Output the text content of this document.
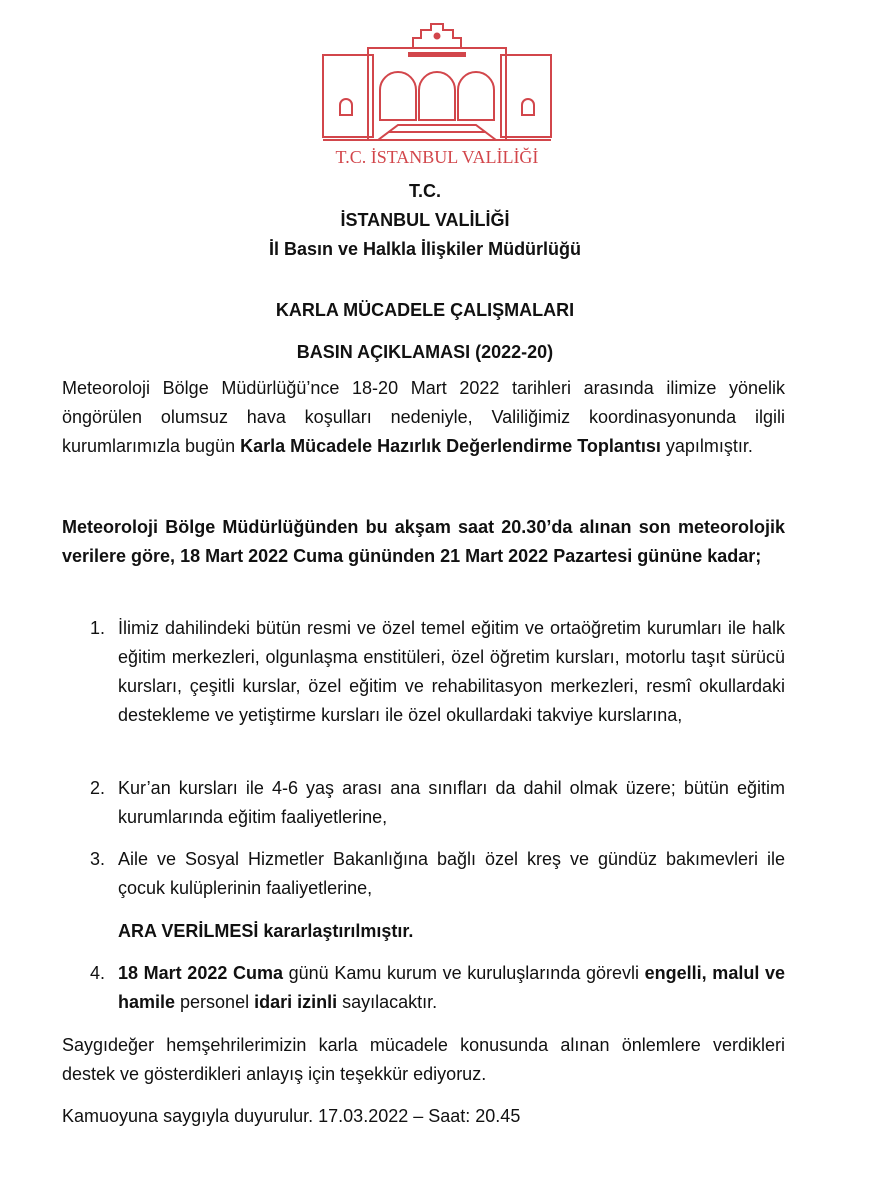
T.C. İSTANBUL VALİLİĞİ
T.C.
İSTANBUL VALİLİĞİ
İl Basın ve Halkla İlişkiler Müdürlüğü
KARLA MÜCADELE ÇALIŞMALARI
BASIN AÇIKLAMASI (2022-20)

Meteoroloji Bölge Müdürlüğü’nce 18-20 Mart 2022 tarihleri arasında ilimize yönelik öngörülen olumsuz hava koşulları nedeniyle, Valiliğimiz koordinasyonunda ilgili kurumlarımızla bugün Karla Mücadele Hazırlık Değerlendirme Toplantısı yapılmıştır.

Meteoroloji Bölge Müdürlüğünden bu akşam saat 20.30’da alınan son meteorolojik verilere göre, 18 Mart 2022 Cuma gününden 21 Mart 2022 Pazartesi gününe kadar;

1. İlimiz dahilindeki bütün resmi ve özel temel eğitim ve ortaöğretim kurumları ile halk eğitim merkezleri, olgunlaşma enstitüleri, özel öğretim kursları, motorlu taşıt sürücü kursları, çeşitli kurslar, özel eğitim ve rehabilitasyon merkezleri, resmî okullardaki destekleme ve yetiştirme kursları ile özel okullardaki takviye kurslarına,
2. Kur’an kursları ile 4-6 yaş arası ana sınıfları da dahil olmak üzere; bütün eğitim kurumlarında eğitim faaliyetlerine,
3. Aile ve Sosyal Hizmetler Bakanlığına bağlı özel kreş ve gündüz bakımevleri ile çocuk kulüplerinin faaliyetlerine,
ARA VERİLMESİ kararlaştırılmıştır.
4. 18 Mart 2022 Cuma günü Kamu kurum ve kuruluşlarında görevli engelli, malul ve hamile personel idari izinli sayılacaktır.

Saygıdeğer hemşehrilerimizin karla mücadele konusunda alınan önlemlere verdikleri destek ve gösterdikleri anlayış için teşekkür ediyoruz.

Kamuoyuna saygıyla duyurulur. 17.03.2022 – Saat: 20.45
